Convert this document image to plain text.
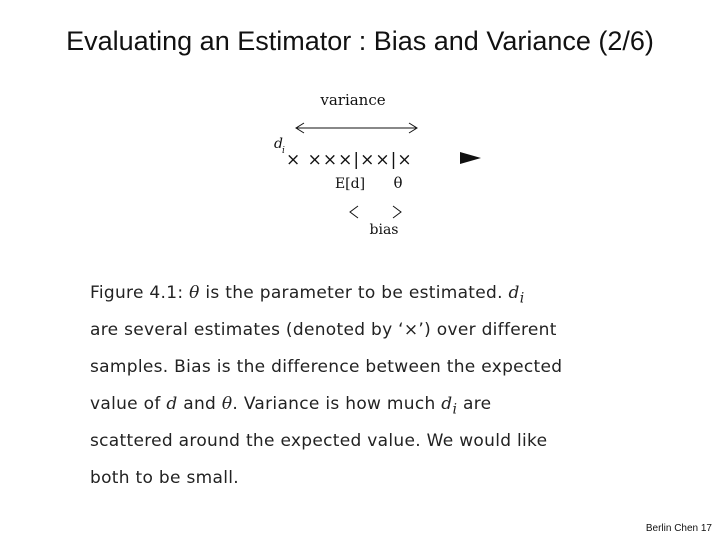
Evaluating an Estimator : Bias and Variance (2/6)
variance
d i × ×××|××|×
E[d] θ
bias
Figure 4.1: θ is the parameter to be estimated. $d_i$
are several estimates (denoted by ‘×’) over different
samples. Bias is the difference between the expected
value of d and θ. Variance is how much $d_i$ are
scattered around the expected value. We would like
both to be small.
Berlin Chen 17
